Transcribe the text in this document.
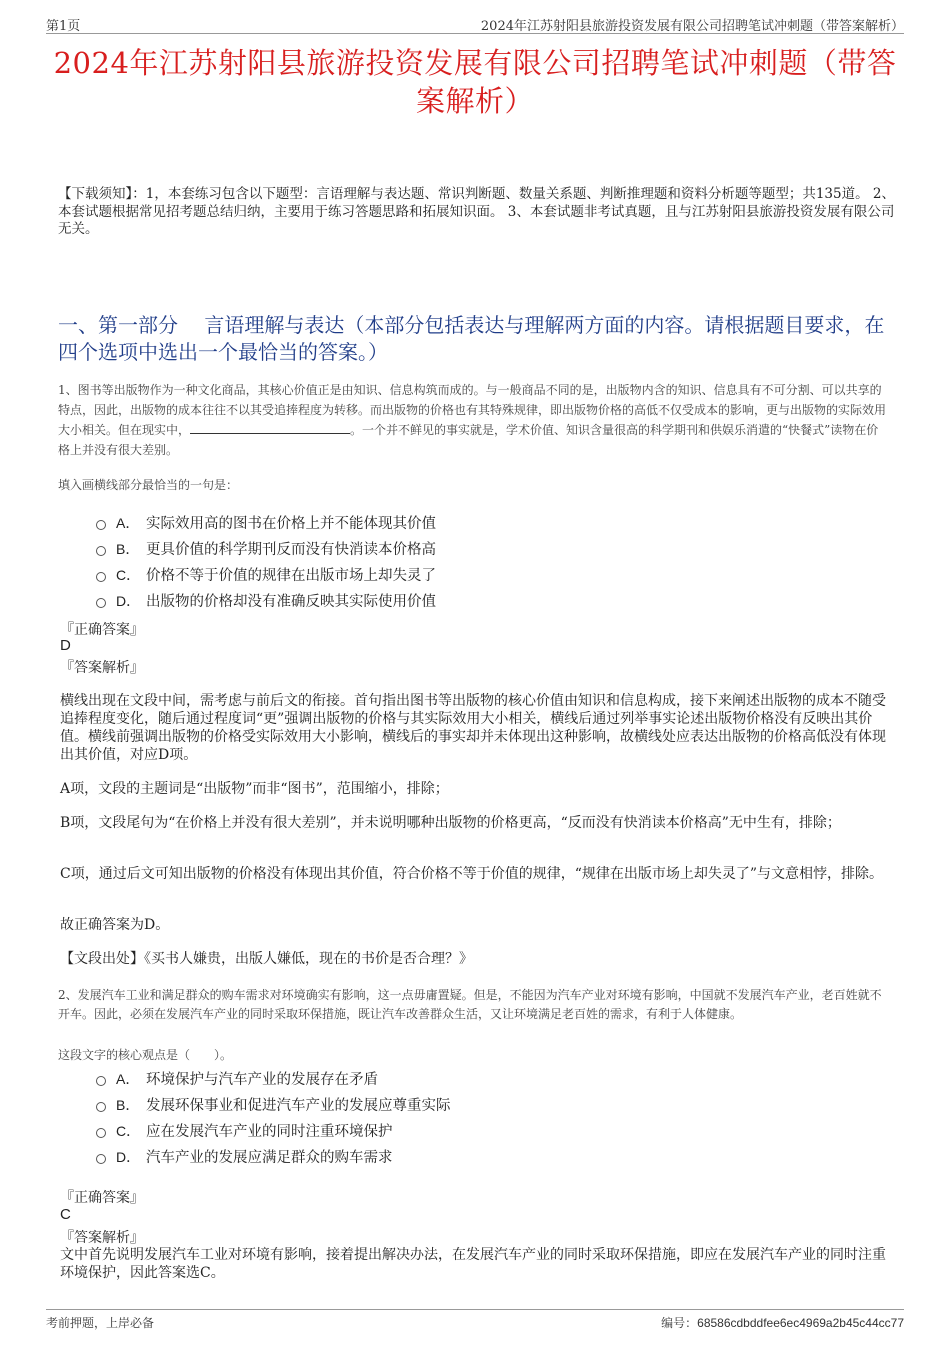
第1页	2024年江苏射阳县旅游投资发展有限公司招聘笔试冲刺题（带答案解析）
2024年江苏射阳县旅游投资发展有限公司招聘笔试冲刺题（带答案解析）
【下载须知】：1，本套练习包含以下题型：言语理解与表达题、常识判断题、数量关系题、判断推理题和资料分析题等题型；共135道。 2、本套试题根据常见招考题总结归纳，主要用于练习答题思路和拓展知识面。 3、本套试题非考试真题，且与江苏射阳县旅游投资发展有限公司无关。
一、第一部分　 言语理解与表达（本部分包括表达与理解两方面的内容。请根据题目要求，在四个选项中选出一个最恰当的答案。）
1、图书等出版物作为一种文化商品，其核心价值正是由知识、信息构筑而成的。与一般商品不同的是，出版物内含的知识、信息具有不可分割、可以共享的特点，因此，出版物的成本往往不以其受追捧程度为转移。而出版物的价格也有其特殊规律，即出版物价格的高低不仅受成本的影响，更与出版物的实际效用大小相关。但在现实中，	。一个并不鲜见的事实就是，学术价值、知识含量很高的科学期刊和供娱乐消遣的“快餐式”读物在价格上并没有很大差别。
填入画横线部分最恰当的一句是：
A． 实际效用高的图书在价格上并不能体现其价值
B． 更具价值的科学期刊反而没有快消读本价格高
C． 价格不等于价值的规律在出版市场上却失灵了
D． 出版物的价格却没有准确反映其实际使用价值
『正确答案』
D
『答案解析』
横线出现在文段中间，需考虑与前后文的衔接。首句指出图书等出版物的核心价值由知识和信息构成，接下来阐述出版物的成本不随受追捧程度变化，随后通过程度词“更”强调出版物的价格与其实际效用大小相关，横线后通过列举事实论述出版物价格没有反映出其价值。横线前强调出版物的价格受实际效用大小影响，横线后的事实却并未体现出这种影响，故横线处应表达出版物的价格高低没有体现出其价值，对应D项。
A项，文段的主题词是“出版物”而非“图书”，范围缩小，排除；
B项，文段尾句为“在价格上并没有很大差别”，并未说明哪种出版物的价格更高，“反而没有快消读本价格高”无中生有，排除；
C项，通过后文可知出版物的价格没有体现出其价值，符合价格不等于价值的规律，“规律在出版市场上却失灵了”与文意相悖，排除。
故正确答案为D。
【文段出处】《买书人嫌贵，出版人嫌低，现在的书价是否合理？》
2、发展汽车工业和满足群众的购车需求对环境确实有影响，这一点毋庸置疑。但是，不能因为汽车产业对环境有影响，中国就不发展汽车产业，老百姓就不开车。因此，必须在发展汽车产业的同时采取环保措施，既让汽车改善群众生活，又让环境满足老百姓的需求，有利于人体健康。
这段文字的核心观点是（　　）。
A． 环境保护与汽车产业的发展存在矛盾
B． 发展环保事业和促进汽车产业的发展应尊重实际
C． 应在发展汽车产业的同时注重环境保护
D． 汽车产业的发展应满足群众的购车需求
『正确答案』
C
『答案解析』
文中首先说明发展汽车工业对环境有影响，接着提出解决办法，在发展汽车产业的同时采取环保措施，即应在发展汽车产业的同时注重环境保护，因此答案选C。
考前押题，上岸必备	编号：68586cdbddfee6ec4969a2b45c44cc77
